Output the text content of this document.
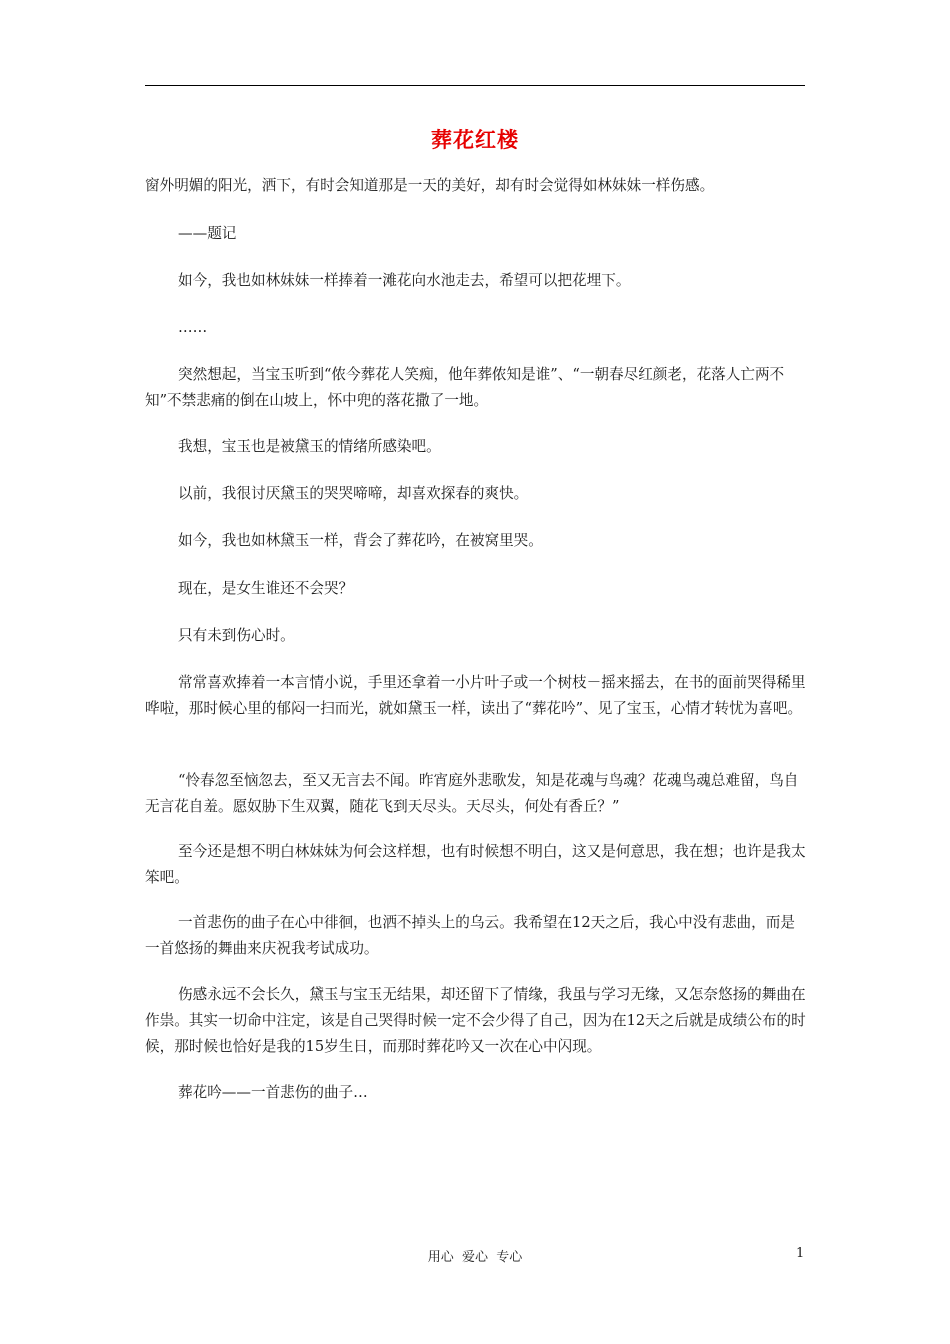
葬花红楼

窗外明媚的阳光，洒下，有时会知道那是一天的美好，却有时会觉得如林妹妹一样伤感。

——题记

如今，我也如林妹妹一样捧着一滩花向水池走去，希望可以把花埋下。

……

突然想起，当宝玉听到“侬今葬花人笑痴，他年葬侬知是谁”、“一朝春尽红颜老，花落人亡两不知”不禁悲痛的倒在山坡上，怀中兜的落花撒了一地。

我想，宝玉也是被黛玉的情绪所感染吧。

以前，我很讨厌黛玉的哭哭啼啼，却喜欢探春的爽快。

如今，我也如林黛玉一样，背会了葬花吟，在被窝里哭。

现在，是女生谁还不会哭？

只有未到伤心时。

常常喜欢捧着一本言情小说，手里还拿着一小片叶子或一个树枝－摇来摇去，在书的面前哭得稀里哗啦，那时候心里的郁闷一扫而光，就如黛玉一样，读出了“葬花吟”、见了宝玉，心情才转忧为喜吧。

“怜春忽至恼忽去，至又无言去不闻。昨宵庭外悲歌发，知是花魂与鸟魂？花魂鸟魂总难留，鸟自无言花自羞。愿奴胁下生双翼，随花飞到天尽头。天尽头，何处有香丘？”

至今还是想不明白林妹妹为何会这样想，也有时候想不明白，这又是何意思，我在想；也许是我太笨吧。

一首悲伤的曲子在心中徘徊，也洒不掉头上的乌云。我希望在12天之后，我心中没有悲曲，而是一首悠扬的舞曲来庆祝我考试成功。

伤感永远不会长久，黛玉与宝玉无结果，却还留下了情缘，我虽与学习无缘，又怎奈悠扬的舞曲在作祟。其实一切命中注定，该是自己哭得时候一定不会少得了自己，因为在12天之后就是成绩公布的时候，那时候也恰好是我的15岁生日，而那时葬花吟又一次在心中闪现。

葬花吟——一首悲伤的曲子…

用心  爱心  专心	1
